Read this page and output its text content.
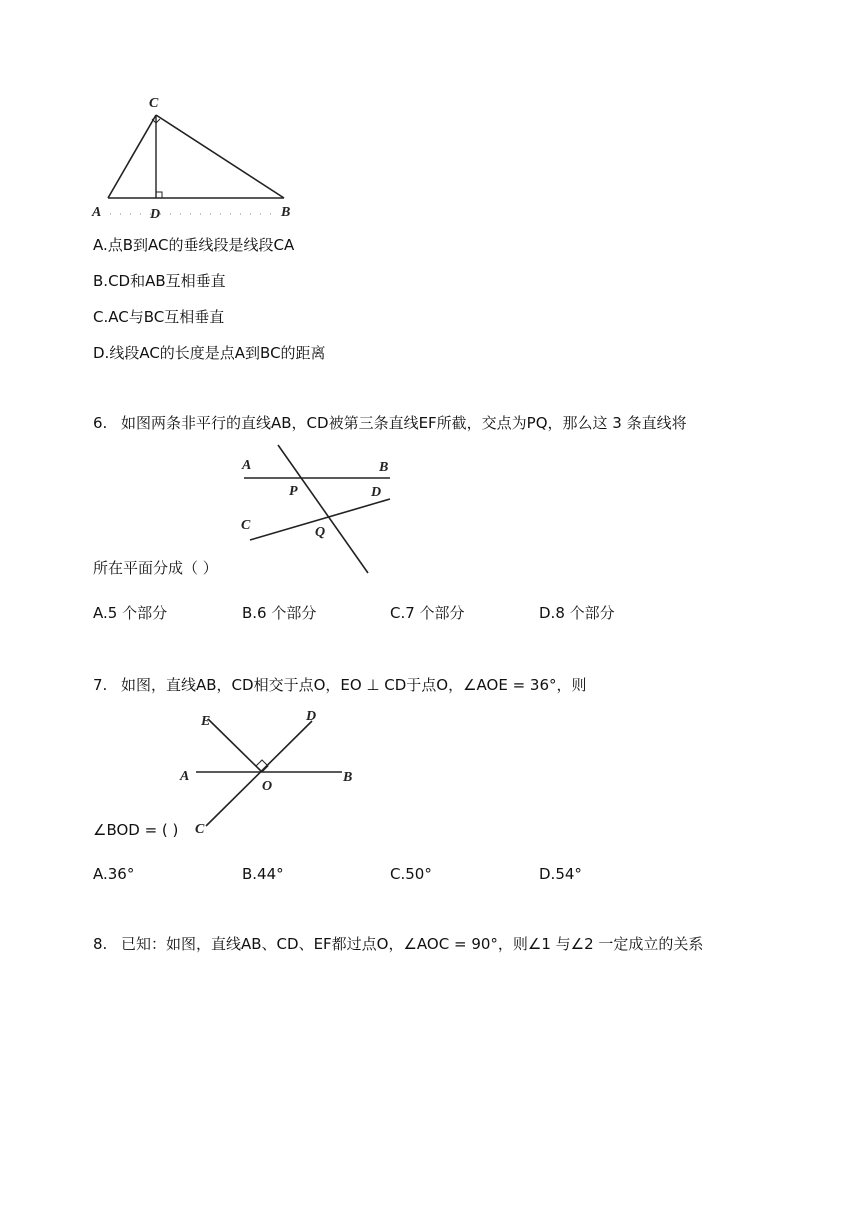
C
A	D	B
A.点B到AC的垂线段是线段CA
B.CD和AB互相垂直
C.AC与BC互相垂直
D.线段AC的长度是点A到BC的距离
6. 如图两条非平行的直线AB，CD被第三条直线EF所截，交点为PQ，那么这 3 条直线将
A	B
P	D
C	Q
所在平面分成（ ）
A.5 个部分	B.6 个部分	C.7 个部分	D.8 个部分
7. 如图，直线AB，CD相交于点O，EO ⊥ CD于点O，∠AOE = 36°，则
E	D
A	B
O
C
∠BOD = ( )
A.36°	B.44°	C.50°	D.54°
8. 已知：如图，直线AB、CD、EF都过点O，∠AOC = 90°，则∠1 与∠2 一定成立的关系
